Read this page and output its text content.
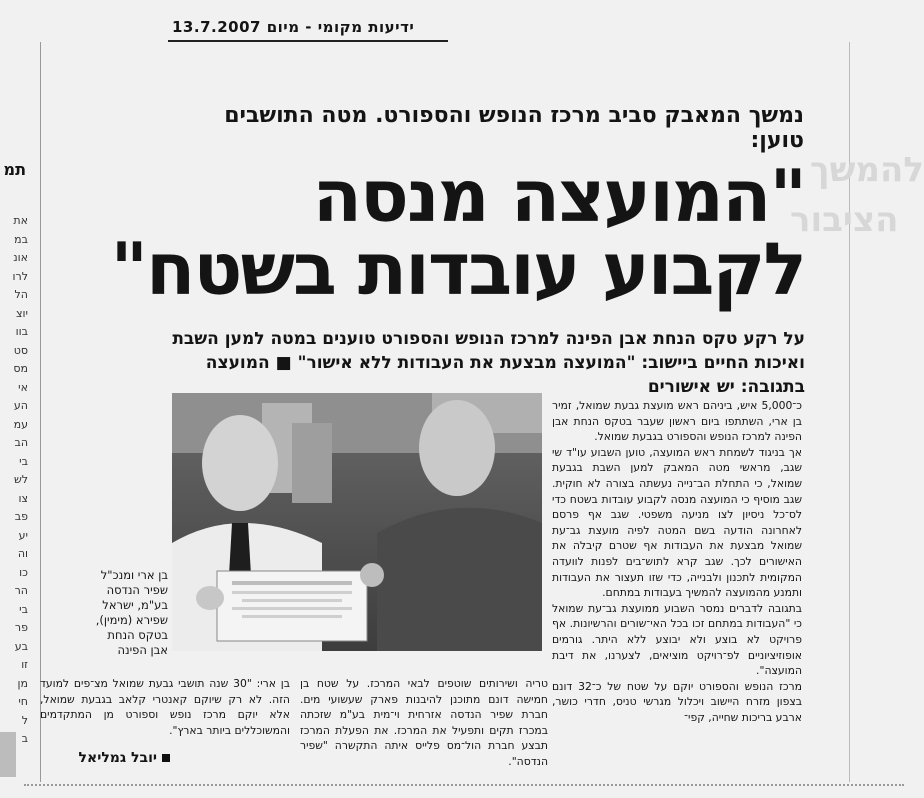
ידיעות מקומי - מיום 13.7.2007
תמ
את
במ
אונ
לרו
הל
יוצ
בוו
סט
מס
אי
הע
עמ
הב
בי
לש
צו
פב
יע
וה
כו
הר
בי
פר
בע
זו
מן
חי
ל
ב
להמשך
הציבור
נמשך המאבק סביב מרכז הנופש והספורט. מטה התושבים טוען:
"המועצה מנסה
לקבוע עובדות בשטח"
על רקע טקס הנחת אבן הפינה למרכז הנופש והספורט טוענים במטה למען השבת ואיכות החיים ביישוב: "המועצה מבצעת את העבודות ללא אישור" ■ המועצה בתגובה: יש אישורים
בן ארי ומנכ"ל שפיר הנדסה בע"מ, ישראל שפירא (מימין), בטקס הנחת אבן הפינה

כ־5,000 איש, ביניהם ראש מועצת גבעת שמואל, זמיר בן ארי, השתתפו ביום ראשון שעבר בטקס הנחת אבן הפינה למרכז הנופש והספורט בגבעת שמואל.

אך בניגוד לשמחת ראש המועצה, טוען השבוע עו"ד שי שגב, מראשי מטה המאבק למען השבת בגבעת שמואל, כי התחלת הב־נייה נעשתה בצורה לא חוקית. שגב מוסיף כי המועצה מנסה לקבוע עובדות בשטח כדי לס־כל ניסיון לצו מניעה משפטי. שגב אף פרסם לאחרונה הודעה בשם המטה לפיה מועצת גב־עת שמואל מבצעת את העבודות אף שטרם קיבלה את האישורים לכך. שגב קרא לתוש־בים לפנות לוועדה המקומית לתכנון ולבנייה, כדי שזו תעצור את העבודות ותמנע מהמועצה להמשיך בעבודות במתחם.

בתגובה לדברים נמסר השבוע ממועצת גב־עת שמואל כי "העבודות במתחם זכו בכל האי־שורים והרשיונות. אף פרויקט לא בוצע ולא יבוצע ללא היתר. גורמים אופוזיציוניים לפ־רויקט מוציאים, לצערנו, את דיבת המועצה".

מרכז הנופש והספורט יוקם על שטח של כ־32 דונם בצפון מזרח היישוב ויכלול מגרשי טניס, חדרי כושר, ארבע בריכות שחייה, קפי־

טריה ושירותים שוטפים לבאי המרכז. על שטח בן חמישה דונם מתוכנן להיבנות פארק שעשועי מים. חברת שפיר הנדסה אזרחית וי־מית בע"מ שזכתה במכרז תקים ותפעיל את המרכז. את הפעלת המרכז תבצע חברת הול־מס פלייס איתה התקשרה "שפיר הנדסה".

בן ארי: "30 שנה תושבי גבעת שמואל מצ־פים למועד הזה. לא רק שיוקם קאנטרי קלאב בגבעת שמואל, אלא יוקם מרכז נופש וספורט מן המתקדמים והמשוכללים ביותר בארץ".

יובל גמליאל
